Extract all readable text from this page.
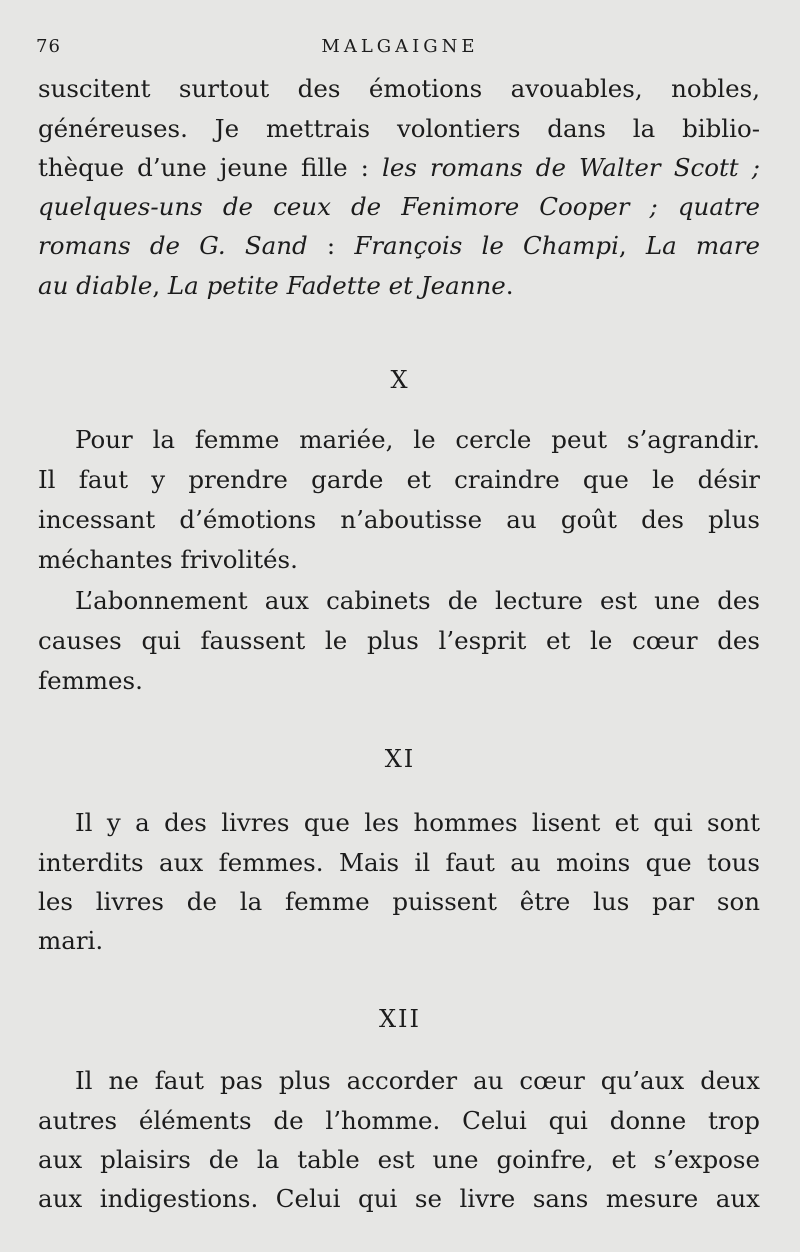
76	MALGAIGNE
suscitent surtout des émotions avouables, nobles,
généreuses. Je mettrais volontiers dans la biblio-
thèque d’une jeune fille : les romans de Walter Scott ;
quelques-uns de ceux de Fenimore Cooper ; quatre
romans de G. Sand : François le Champi, La mare
au diable, La petite Fadette et Jeanne.
X
Pour la femme mariée, le cercle peut s’agrandir.
Il faut y prendre garde et craindre que le désir
incessant d’émotions n’aboutisse au goût des plus
méchantes frivolités.
L’abonnement aux cabinets de lecture est une des
causes qui faussent le plus l’esprit et le cœur des
femmes.
XI
Il y a des livres que les hommes lisent et qui sont
interdits aux femmes. Mais il faut au moins que tous
les livres de la femme puissent être lus par son
mari.
XII
Il ne faut pas plus accorder au cœur qu’aux deux
autres éléments de l’homme. Celui qui donne trop
aux plaisirs de la table est une goinfre, et s’expose
aux indigestions. Celui qui se livre sans mesure aux
